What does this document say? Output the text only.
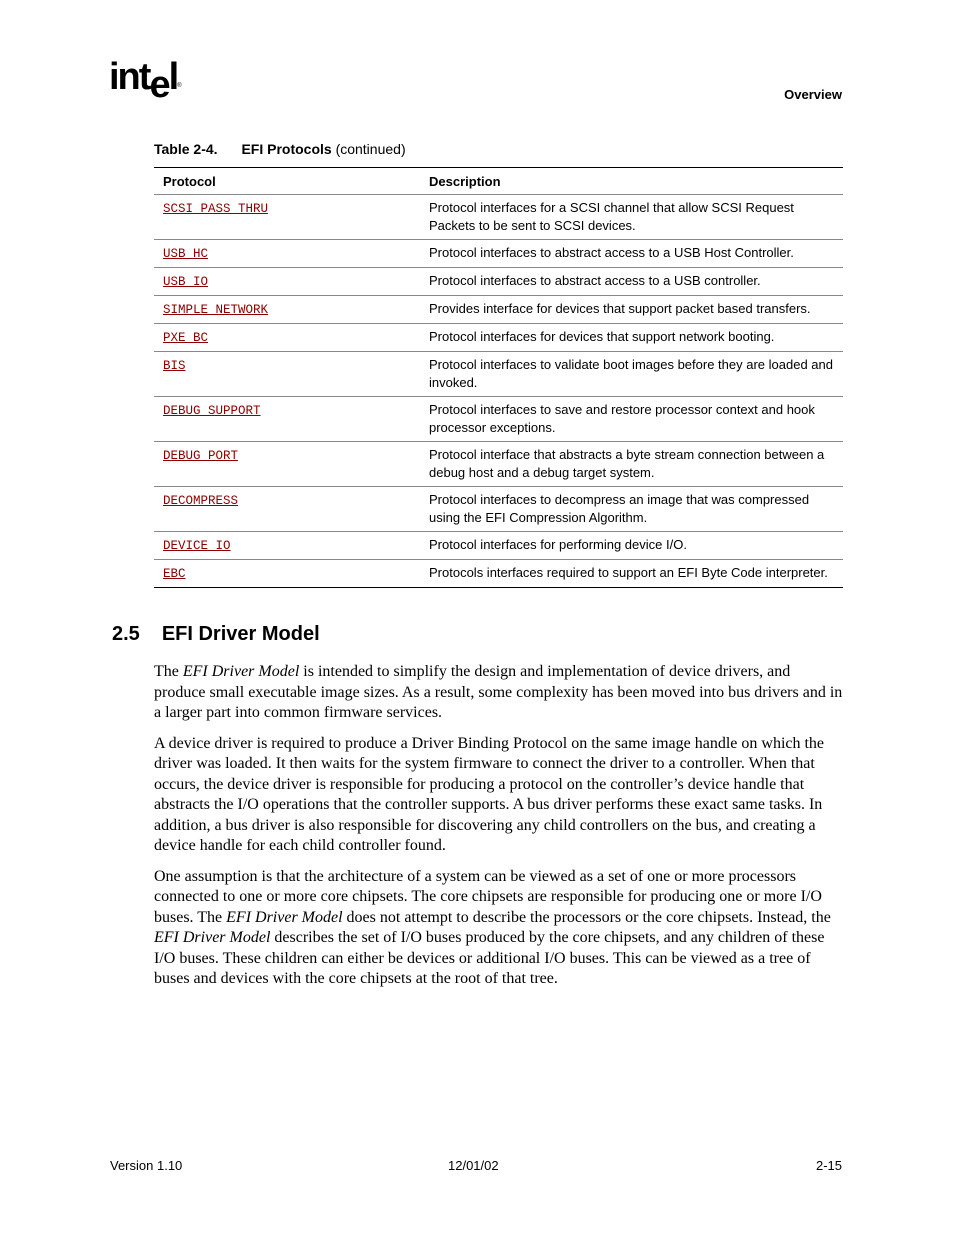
intel®
Overview
Table 2-4. EFI Protocols (continued)
Protocol	Description
SCSI_PASS_THRU	Protocol interfaces for a SCSI channel that allow SCSI Request Packets to be sent to SCSI devices.
USB_HC	Protocol interfaces to abstract access to a USB Host Controller.
USB_IO	Protocol interfaces to abstract access to a USB controller.
SIMPLE_NETWORK	Provides interface for devices that support packet based transfers.
PXE_BC	Protocol interfaces for devices that support network booting.
BIS	Protocol interfaces to validate boot images before they are loaded and invoked.
DEBUG_SUPPORT	Protocol interfaces to save and restore processor context and hook processor exceptions.
DEBUG_PORT	Protocol interface that abstracts a byte stream connection between a debug host and a debug target system.
DECOMPRESS	Protocol interfaces to decompress an image that was compressed using the EFI Compression Algorithm.
DEVICE_IO	Protocol interfaces for performing device I/O.
EBC	Protocols interfaces required to support an EFI Byte Code interpreter.
2.5 EFI Driver Model

The EFI Driver Model is intended to simplify the design and implementation of device drivers, and produce small executable image sizes. As a result, some complexity has been moved into bus drivers and in a larger part into common firmware services.

A device driver is required to produce a Driver Binding Protocol on the same image handle on which the driver was loaded. It then waits for the system firmware to connect the driver to a controller. When that occurs, the device driver is responsible for producing a protocol on the controller’s device handle that abstracts the I/O operations that the controller supports. A bus driver performs these exact same tasks. In addition, a bus driver is also responsible for discovering any child controllers on the bus, and creating a device handle for each child controller found.

One assumption is that the architecture of a system can be viewed as a set of one or more processors connected to one or more core chipsets. The core chipsets are responsible for producing one or more I/O buses. The EFI Driver Model does not attempt to describe the processors or the core chipsets. Instead, the EFI Driver Model describes the set of I/O buses produced by the core chipsets, and any children of these I/O buses. These children can either be devices or additional I/O buses. This can be viewed as a tree of buses and devices with the core chipsets at the root of that tree.

Version 1.10	12/01/02	2-15
